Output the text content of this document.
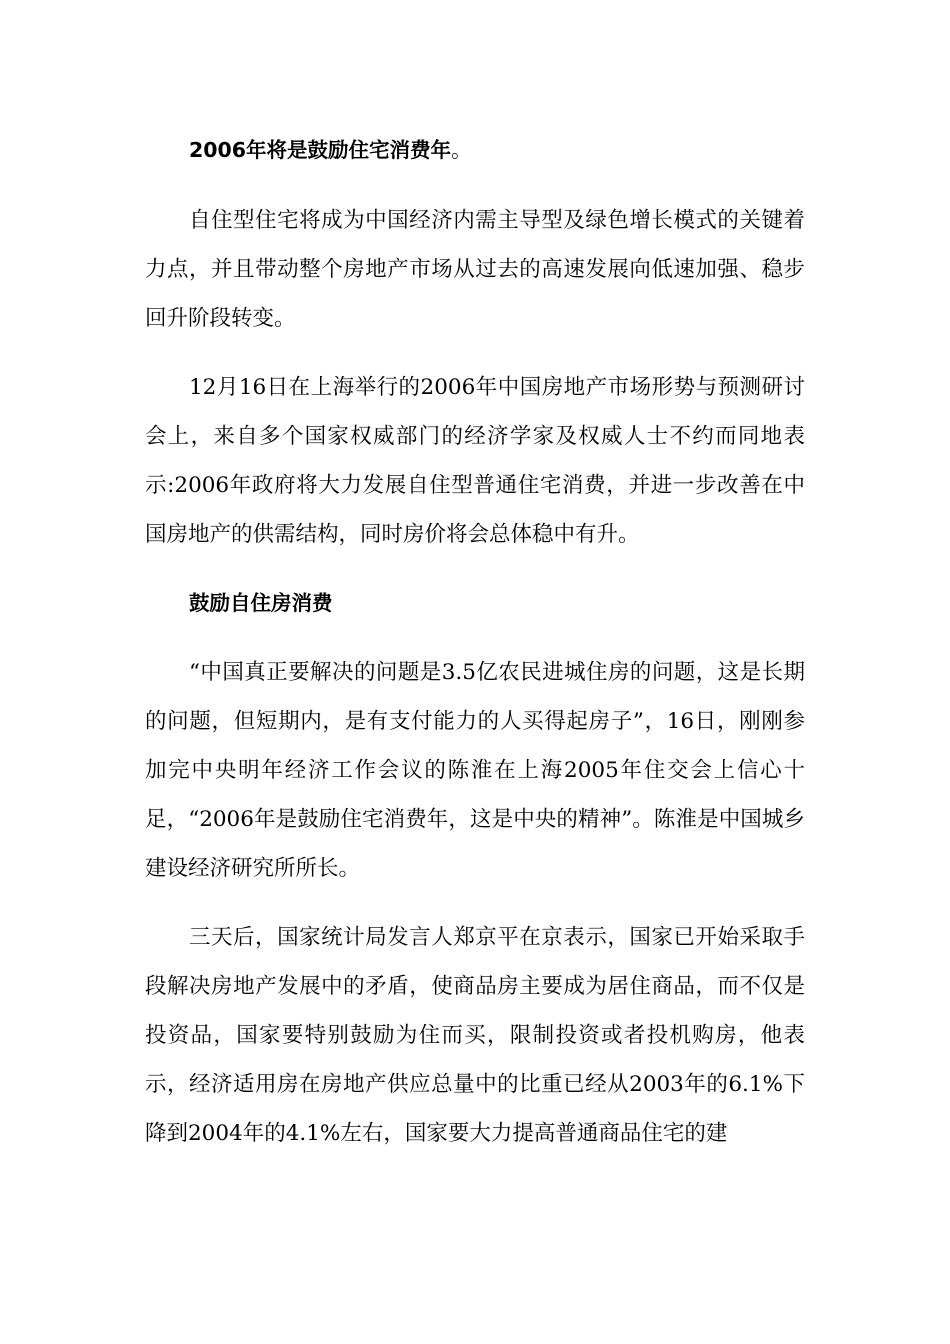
2006年将是鼓励住宅消费年。

自住型住宅将成为中国经济内需主导型及绿色增长模式的关键着力点，并且带动整个房地产市场从过去的高速发展向低速加强、稳步回升阶段转变。

12月16日在上海举行的2006年中国房地产市场形势与预测研讨会上，来自多个国家权威部门的经济学家及权威人士不约而同地表示:2006年政府将大力发展自住型普通住宅消费，并进一步改善在中国房地产的供需结构，同时房价将会总体稳中有升。

鼓励自住房消费

“中国真正要解决的问题是3.5亿农民进城住房的问题，这是长期的问题，但短期内，是有支付能力的人买得起房子”，16日，刚刚参加完中央明年经济工作会议的陈淮在上海2005年住交会上信心十足，“2006年是鼓励住宅消费年，这是中央的精神”。陈淮是中国城乡建设经济研究所所长。

三天后，国家统计局发言人郑京平在京表示，国家已开始采取手段解决房地产发展中的矛盾，使商品房主要成为居住商品，而不仅是投资品，国家要特别鼓励为住而买，限制投资或者投机购房，他表示，经济适用房在房地产供应总量中的比重已经从2003年的6.1%下降到2004年的4.1%左右，国家要大力提高普通商品住宅的建
